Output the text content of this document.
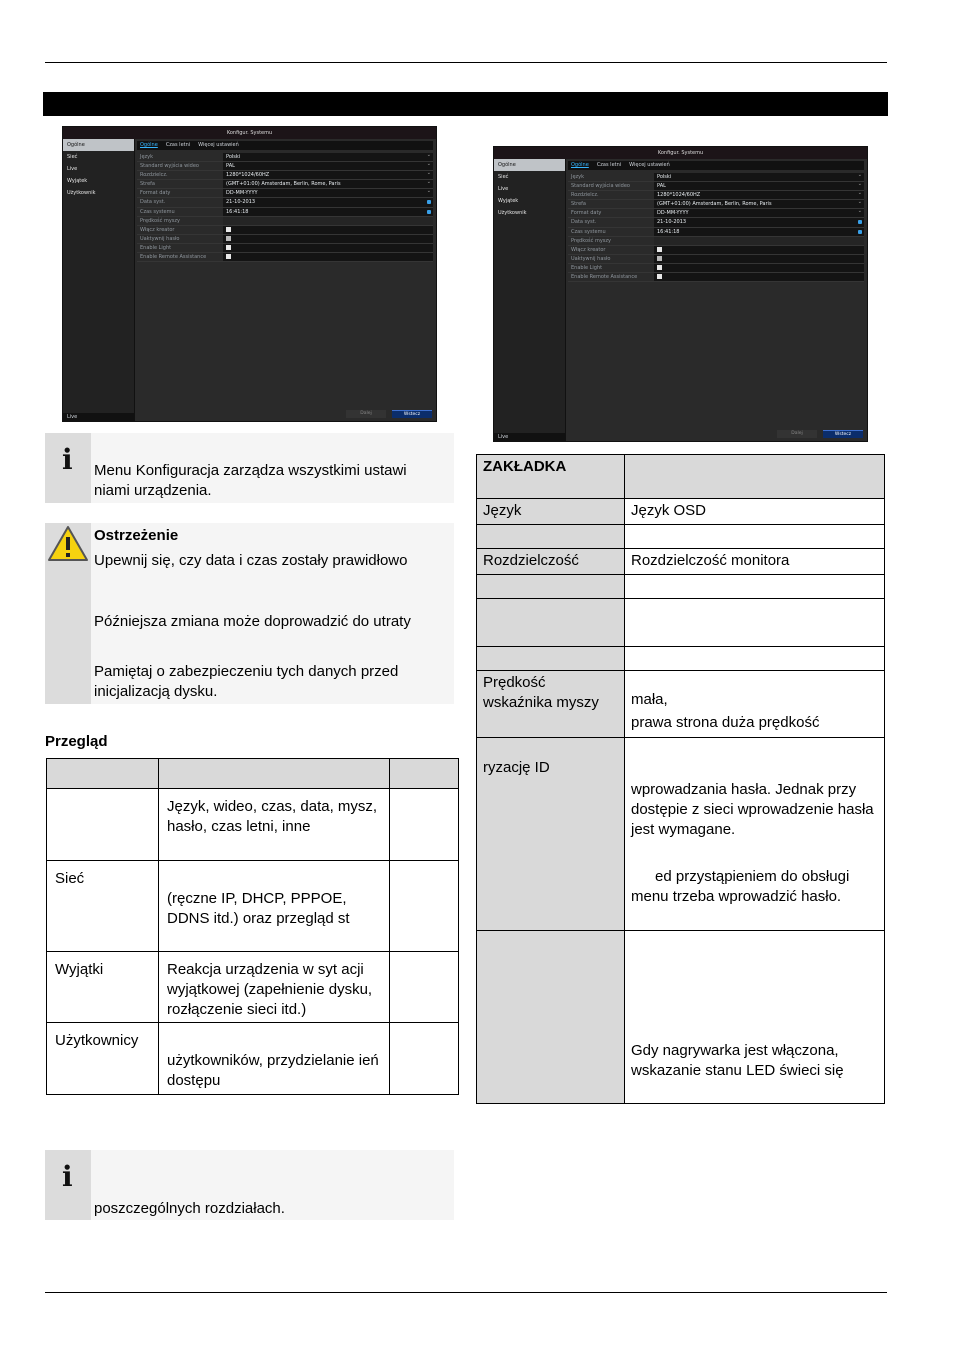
Konfigur. Systemu
Ogólne
Sieć
Live
Wyjątek
Użytkownik
Live
Ogólne Czas letni Więcej ustawień
Język	Polski ⌄
Standard wyjścia wideo	PAL ⌄
Rozdzielcz.	1280*1024/60HZ ⌄
Strefa	(GMT+01:00) Amsterdam, Berlin, Rome, Paris ⌄
Format daty	DD-MM-YYYY ⌄
Data syst.	21-10-2013
Czas systemu	16:41:18
Prędkość myszy
Włącz kreator
Uaktywnij hasło
Enable Light
Enable Remote Assistance
Dalej	Wstecz
Konfigur. Systemu
Ogólne
Sieć
Live
Wyjątek
Użytkownik
Live
Ogólne Czas letni Więcej ustawień
Język	Polski ⌄
Standard wyjścia wideo	PAL ⌄
Rozdzielcz.	1280*1024/60HZ ⌄
Strefa	(GMT+01:00) Amsterdam, Berlin, Rome, Paris ⌄
Format daty	DD-MM-YYYY ⌄
Data syst.	21-10-2013
Czas systemu	16:41:18
Prędkość myszy
Włącz kreator
Uaktywnij hasło
Enable Light
Enable Remote Assistance
Dalej	Wstecz
i Menu Konfiguracja zarządza wszystkimi ustawi niami urządzenia.
Ostrzeżenie
Upewnij się, czy data i czas zostały prawidłowo
Późniejsza zmiana może doprowadzić do utraty
Pamiętaj o zabezpieczeniu tych danych przed inicjalizacją dysku.
Przegląd

	Język, wideo, czas, data, mysz, hasło, czas letni, inne	
Sieć	(ręczne IP, DHCP, PPPOE, DDNS itd.) oraz przegląd st	
Wyjątki	Reakcja urządzenia w syt acji wyjątkowej (zapełnienie dysku, rozłączenie sieci itd.)	
Użytkownicy	użytkowników, przydzielanie ień dostępu	
i
poszczególnych rozdziałach.
ZAKŁADKA	
Język	Język OSD

Rozdzielczość	Rozdzielczość monitora

Prędkość wskaźnika myszy	mała,
prawa strona duża prędkość

ryzację ID	wprowadzania hasła. Jednak przy dostępie z sieci wprowadzenie hasła jest wymagane.
ed przystąpieniem do obsługi menu trzeba wprowadzić hasło.

	Gdy nagrywarka jest włączona, wskazanie stanu LED świeci się
